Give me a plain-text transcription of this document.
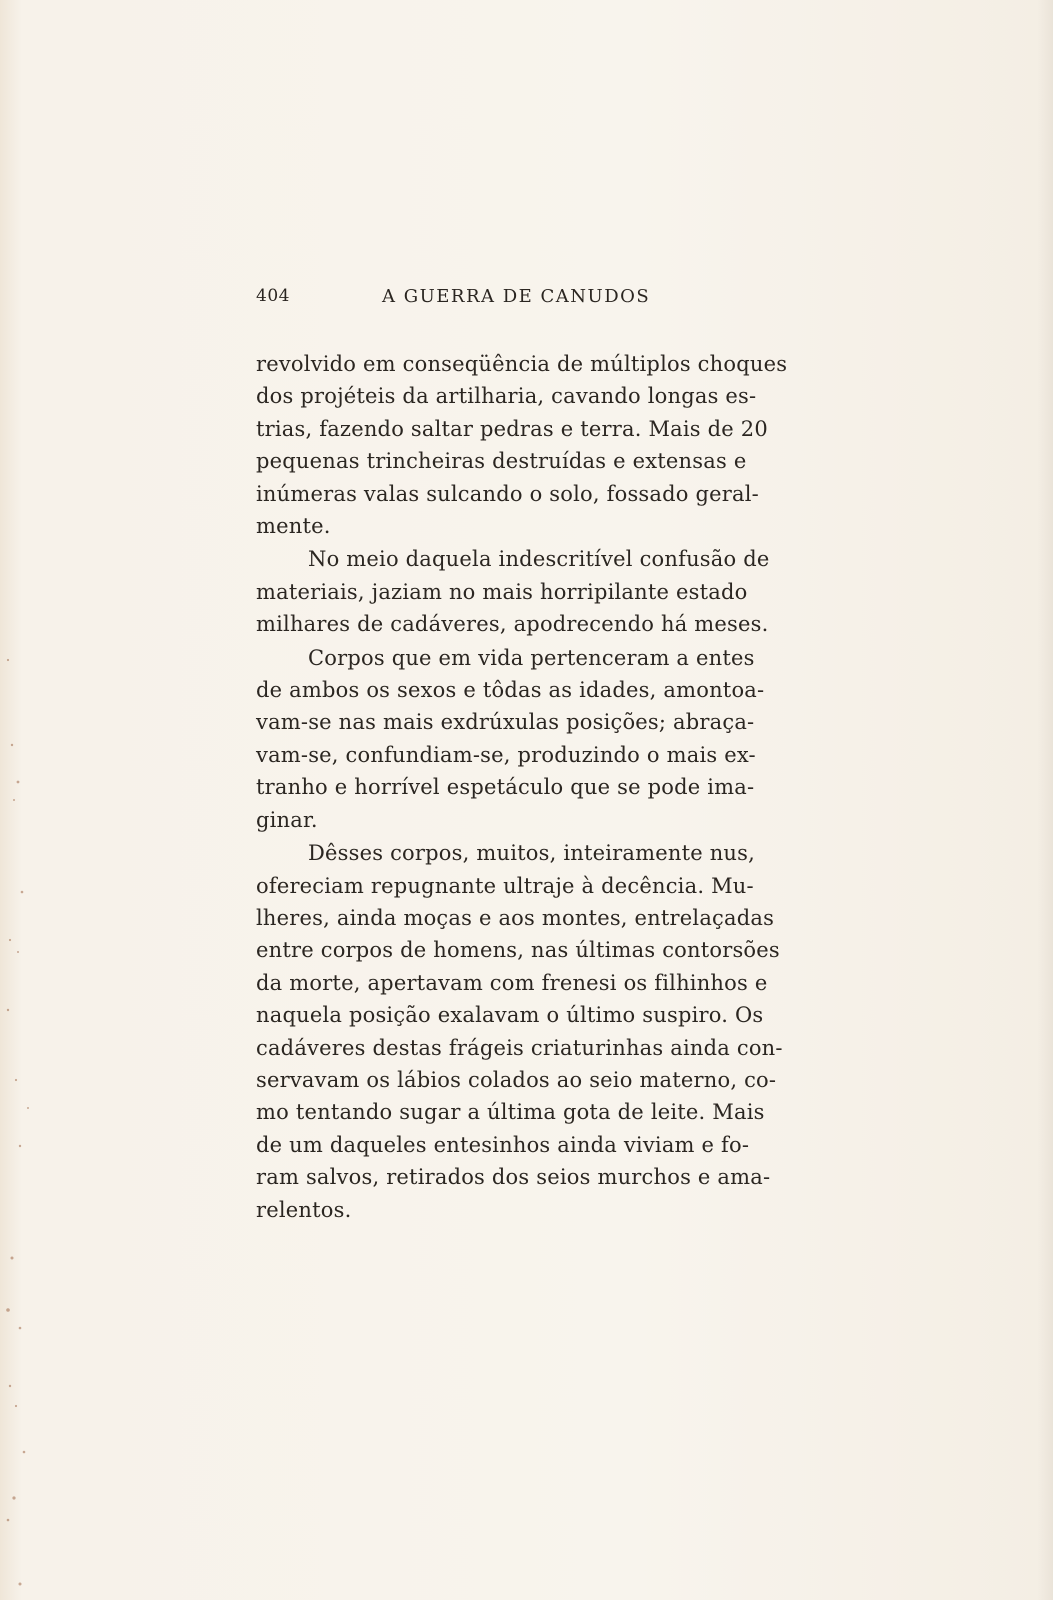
404	A GUERRA DE CANUDOS
revolvido em conseqüência de múltiplos choques
dos projéteis da artilharia, cavando longas es-
trias, fazendo saltar pedras e terra. Mais de 20
pequenas trincheiras destruídas e extensas e
inúmeras valas sulcando o solo, fossado geral-
mente.
No meio daquela indescritível confusão de
materiais, jaziam no mais horripilante estado
milhares de cadáveres, apodrecendo há meses.
Corpos que em vida pertenceram a entes
de ambos os sexos e tôdas as idades, amontoa-
vam-se nas mais exdrúxulas posições; abraça-
vam-se, confundiam-se, produzindo o mais ex-
tranho e horrível espetáculo que se pode ima-
ginar.
Dêsses corpos, muitos, inteiramente nus,
ofereciam repugnante ultraje à decência. Mu-
lheres, ainda moças e aos montes, entrelaçadas
entre corpos de homens, nas últimas contorsões
da morte, apertavam com frenesi os filhinhos e
naquela posição exalavam o último suspiro. Os
cadáveres destas frágeis criaturinhas ainda con-
servavam os lábios colados ao seio materno, co-
mo tentando sugar a última gota de leite. Mais
de um daqueles entesinhos ainda viviam e fo-
ram salvos, retirados dos seios murchos e ama-
relentos.
